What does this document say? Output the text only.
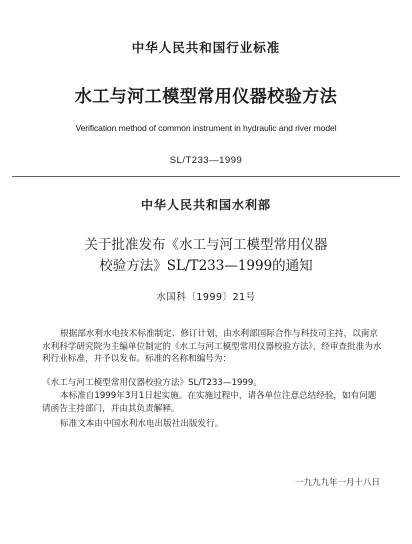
中华人民共和国行业标准
水工与河工模型常用仪器校验方法
Verification method of common instrument in hydraulic and river model
SL/T233—1999
中华人民共和国水利部
关于批准发布《水工与河工模型常用仪器
校验方法》SL/T233—1999的通知
水国科〔1999〕21号
根据部水利水电技术标准制定、修订计划，由水利部国际合作与科技司主持，以南京水利科学研究院为主编单位制定的《水工与河工模型常用仪器校验方法》，经审查批准为水利行业标准，并予以发布。标准的名称和编号为：
《水工与河工模型常用仪器校验方法》SL/T233—1999。
本标准自1999年3月1日起实施。在实施过程中，请各单位注意总结经验，如有问题请函告主持部门，并由其负责解释。
标准文本由中国水利水电出版社出版发行。
一九九九年一月十八日
